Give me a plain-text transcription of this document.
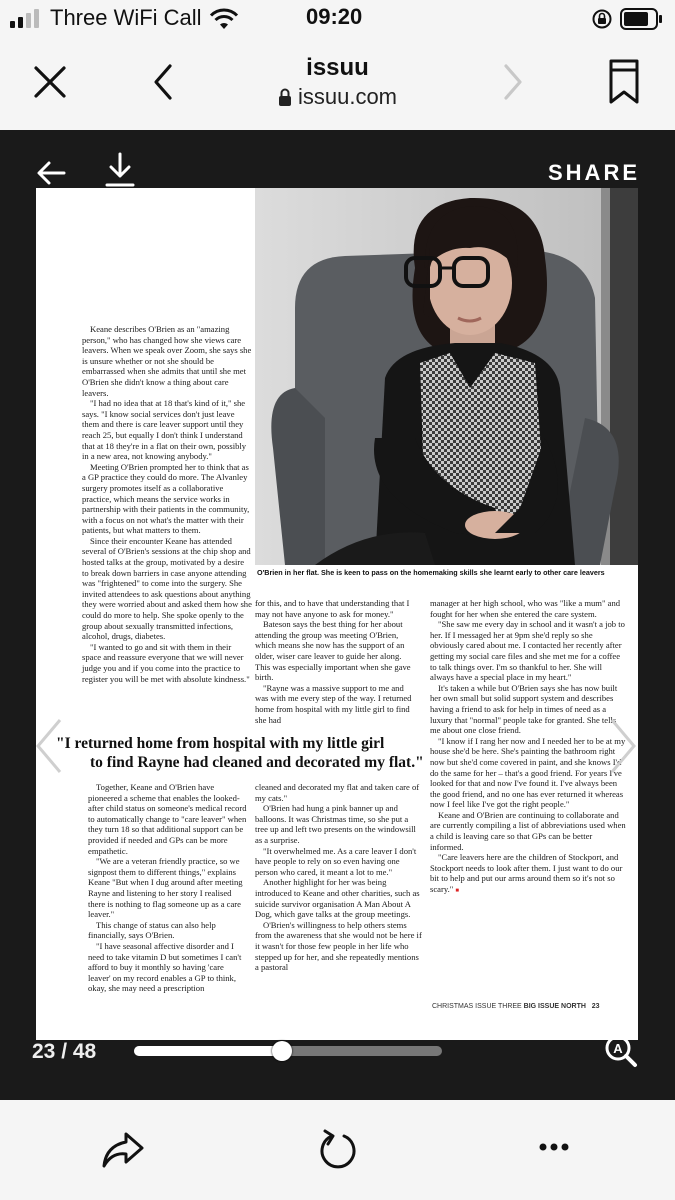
Three WiFi Call	09:20
issuu
issuu.com
SHARE
O'Brien in her flat. She is keen to pass on the homemaking skills she learnt early to other care leavers

Keane describes O'Brien as an "amazing person," who has changed how she views care leavers. When we speak over Zoom, she says she is unsure whether or not she should be embarrassed when she admits that until she met O'Brien she didn't know a thing about care leavers.

"I had no idea that at 18 that's kind of it," she says. "I know social services don't just leave them and there is care leaver support until they reach 25, but equally I don't think I understand that at 18 they're in a flat on their own, possibly in a new area, not knowing anybody."

Meeting O'Brien prompted her to think that as a GP practice they could do more. The Alvanley surgery promotes itself as a collaborative practice, which means the service works in partnership with their patients in the community, with a focus on not what's the matter with their patients, but what matters to them.

Since their encounter Keane has attended several of O'Brien's sessions at the chip shop and hosted talks at the group, motivated by a desire to break down barriers in case anyone attending was "frightened" to come into the surgery. She invited attendees to ask questions about anything they were worried about and asked them how she could do more to help. She spoke openly to the group about sexually transmitted infections, alcohol, drugs, diabetes.

"I wanted to go and sit with them in their space and reassure everyone that we will never judge you and if you come into the practice to register you will be met with absolute kindness."

for this, and to have that understanding that I may not have anyone to ask for money."

Bateson says the best thing for her about attending the group was meeting O'Brien, which means she now has the support of an older, wiser care leaver to guide her along. This was especially important when she gave birth.

"Rayne was a massive support to me and was with me every step of the way. I returned home from hospital with my little girl to find she had

manager at her high school, who was "like a mum" and fought for her when she entered the care system.

"She saw me every day in school and it wasn't a job to her. If I messaged her at 9pm she'd reply so she obviously cared about me. I contacted her recently after getting my social care files and she met me for a coffee to talk things over. I'm so thankful to her. She will always have a special place in my heart."

It's taken a while but O'Brien says she has now built her own small but solid support system and describes having a friend to ask for help in times of need as a luxury that "normal" people take for granted. She tells me about one close friend.

"I know if I rang her now and I needed her to be at my house she'd be here. She's painting the bathroom right now but she'd come covered in paint, and she knows I'd do the same for her – that's a good friend. For years I've looked for that and now I've found it. I've always been the good friend, and no one has ever returned it whereas now I feel like I've got the right people."

Keane and O'Brien are continuing to collaborate and are currently compiling a list of abbreviations used when a child is leaving care so that GPs can be better informed.

"Care leavers here are the children of Stockport, and Stockport needs to look after them. I just want to do our bit to help and put our arms around them so it's not so scary." ■

"I returned home from hospital with my little girl
to find Rayne had cleaned and decorated my flat."

Together, Keane and O'Brien have pioneered a scheme that enables the looked-after child status on someone's medical record to automatically change to "care leaver" when they turn 18 so that additional support can be provided if needed and GPs can be more empathetic.

"We are a veteran friendly practice, so we signpost them to different things," explains Keane "But when I dug around after meeting Rayne and listening to her story I realised there is nothing to flag someone up as a care leaver."

This change of status can also help financially, says O'Brien.

"I have seasonal affective disorder and I need to take vitamin D but sometimes I can't afford to buy it monthly so having 'care leaver' on my record enables a GP to think, okay, she may need a prescription

cleaned and decorated my flat and taken care of my cats."

O'Brien had hung a pink banner up and balloons. It was Christmas time, so she put a tree up and left two presents on the windowsill as a surprise.

"It overwhelmed me. As a care leaver I don't have people to rely on so even having one person who cared, it meant a lot to me."

Another highlight for her was being introduced to Keane and other charities, such as suicide survivor organisation A Man About A Dog, which gave talks at the group meetings.

O'Brien's willingness to help others stems from the awareness that she would not be here if it wasn't for those few people in her life who stepped up for her, and she repeatedly mentions a pastoral

CHRISTMAS ISSUE THREE BIG ISSUE NORTH 23
23 / 48	A
